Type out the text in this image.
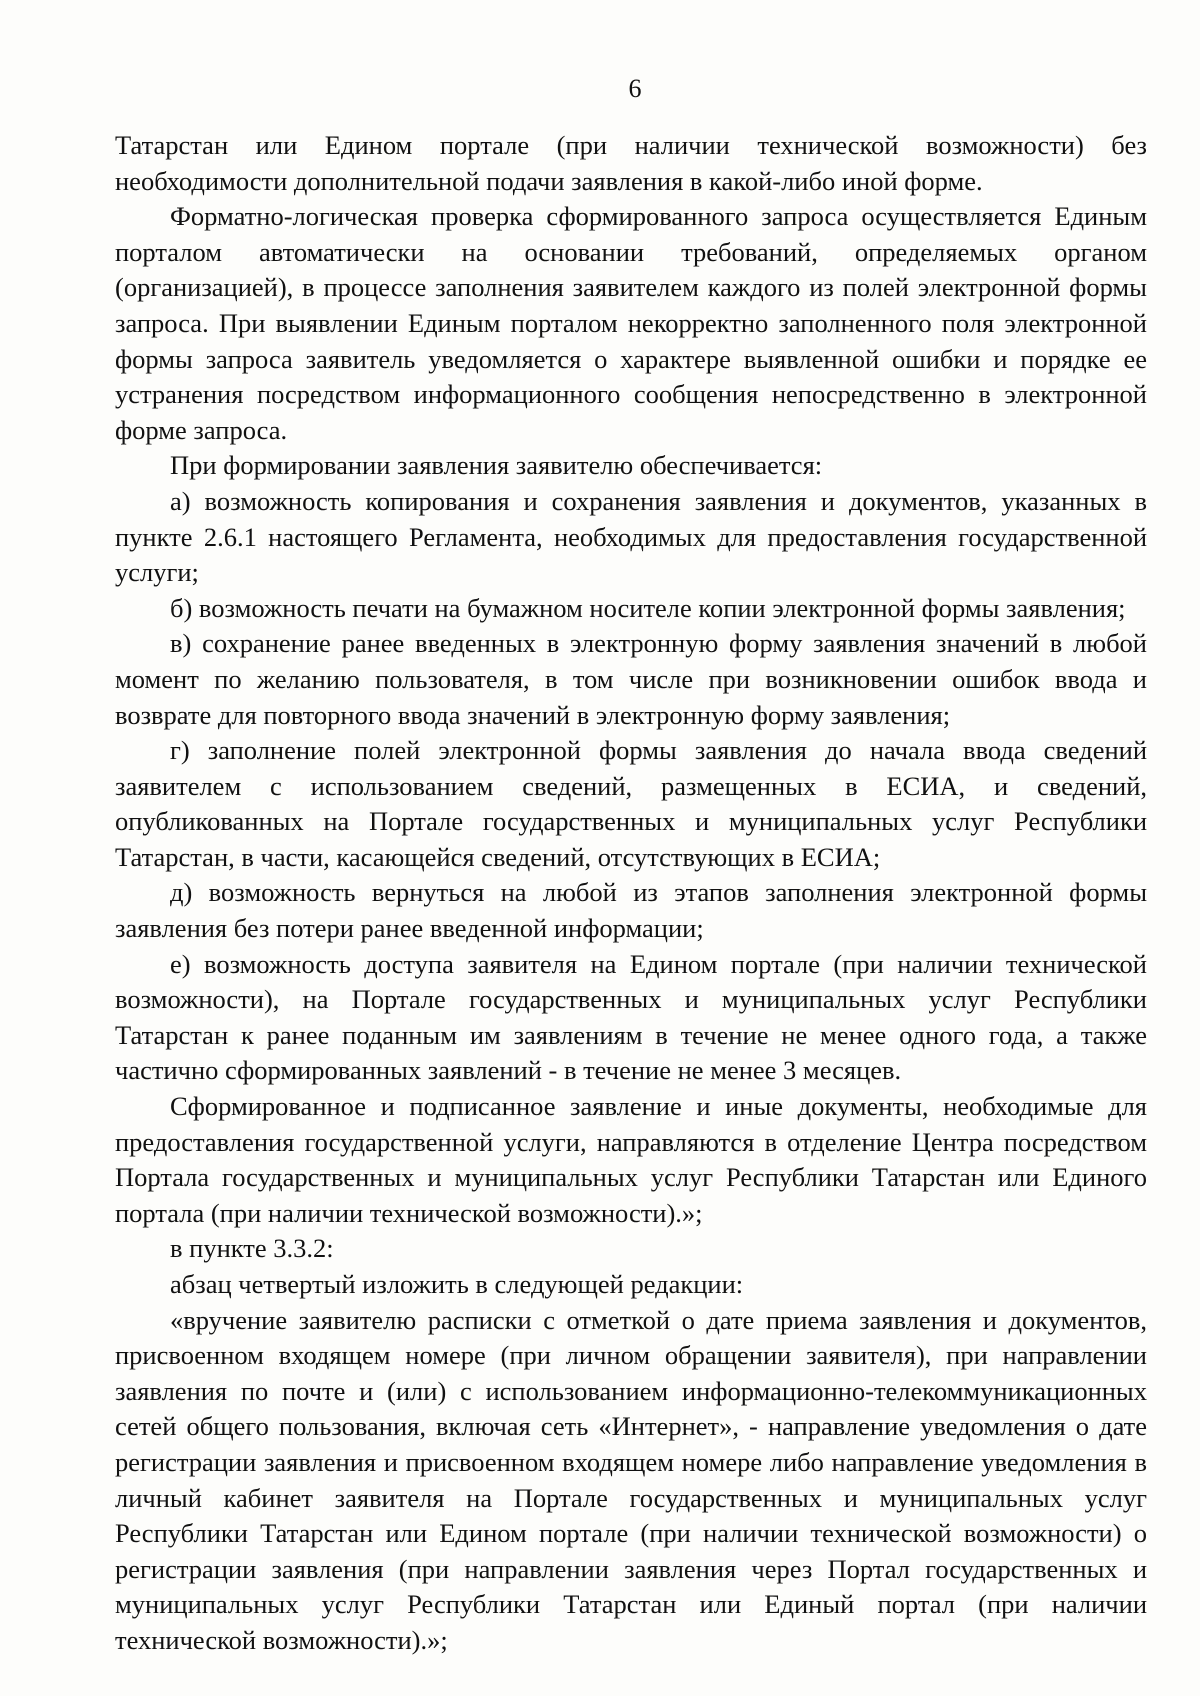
6

Татарстан или Едином портале (при наличии технической возможности) без необходимости дополнительной подачи заявления в какой-либо иной форме.

Форматно-логическая проверка сформированного запроса осуществляется Единым порталом автоматически на основании требований, определяемых органом (организацией), в процессе заполнения заявителем каждого из полей электронной формы запроса. При выявлении Единым порталом некорректно заполненного поля электронной формы запроса заявитель уведомляется о характере выявленной ошибки и порядке ее устранения посредством информационного сообщения непосредственно в электронной форме запроса.

При формировании заявления заявителю обеспечивается:

а) возможность копирования и сохранения заявления и документов, указанных в пункте 2.6.1 настоящего Регламента, необходимых для предоставления государственной услуги;

б) возможность печати на бумажном носителе копии электронной формы заявления;

в) сохранение ранее введенных в электронную форму заявления значений в любой момент по желанию пользователя, в том числе при возникновении ошибок ввода и возврате для повторного ввода значений в электронную форму заявления;

г) заполнение полей электронной формы заявления до начала ввода сведений заявителем с использованием сведений, размещенных в ЕСИА, и сведений, опубликованных на Портале государственных и муниципальных услуг Республики Татарстан, в части, касающейся сведений, отсутствующих в ЕСИА;

д) возможность вернуться на любой из этапов заполнения электронной формы заявления без потери ранее введенной информации;

е) возможность доступа заявителя на Едином портале (при наличии технической возможности), на Портале государственных и муниципальных услуг Республики Татарстан к ранее поданным им заявлениям в течение не менее одного года, а также частично сформированных заявлений - в течение не менее 3 месяцев.

Сформированное и подписанное заявление и иные документы, необходимые для предоставления государственной услуги, направляются в отделение Центра посредством Портала государственных и муниципальных услуг Республики Татарстан или Единого портала (при наличии технической возможности).»;

в пункте 3.3.2:

абзац четвертый изложить в следующей редакции:

«вручение заявителю расписки с отметкой о дате приема заявления и документов, присвоенном входящем номере (при личном обращении заявителя), при направлении заявления по почте и (или) с использованием информационно-телекоммуникационных сетей общего пользования, включая сеть «Интернет», - направление уведомления о дате регистрации заявления и присвоенном входящем номере либо направление уведомления в личный кабинет заявителя на Портале государственных и муниципальных услуг Республики Татарстан или Едином портале (при наличии технической возможности) о регистрации заявления (при направлении заявления через Портал государственных и муниципальных услуг Республики Татарстан или Единый портал (при наличии технической возможности).»;
